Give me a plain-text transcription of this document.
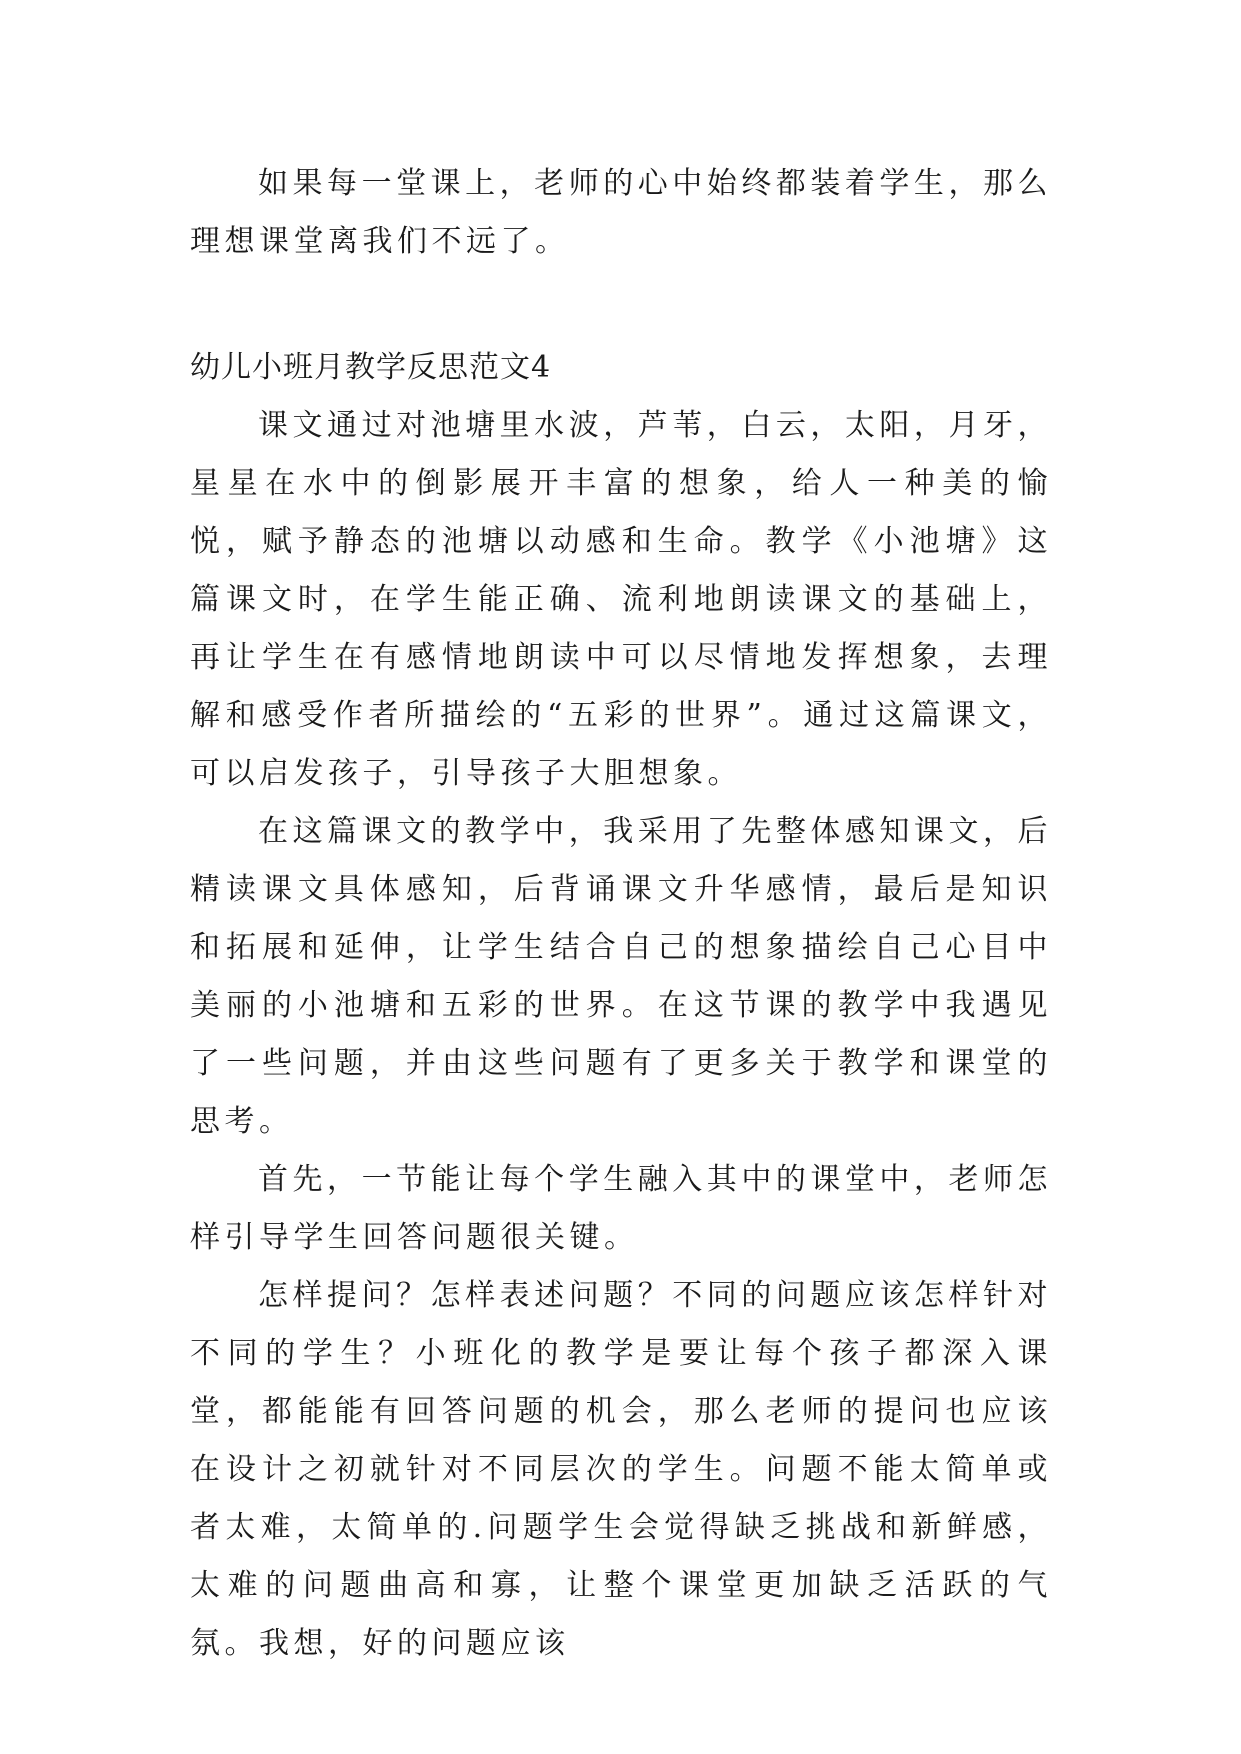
如果每一堂课上，老师的心中始终都装着学生，那么理想课堂离我们不远了。

幼儿小班月教学反思范文4

课文通过对池塘里水波，芦苇，白云，太阳，月牙，星星在水中的倒影展开丰富的想象，给人一种美的愉悦，赋予静态的池塘以动感和生命。教学《小池塘》这篇课文时，在学生能正确、流利地朗读课文的基础上，再让学生在有感情地朗读中可以尽情地发挥想象，去理解和感受作者所描绘的“五彩的世界”。通过这篇课文，可以启发孩子，引导孩子大胆想象。

在这篇课文的教学中，我采用了先整体感知课文，后精读课文具体感知，后背诵课文升华感情，最后是知识和拓展和延伸，让学生结合自己的想象描绘自己心目中美丽的小池塘和五彩的世界。在这节课的教学中我遇见了一些问题，并由这些问题有了更多关于教学和课堂的思考。

首先，一节能让每个学生融入其中的课堂中，老师怎样引导学生回答问题很关键。

怎样提问？怎样表述问题？不同的问题应该怎样针对不同的学生？小班化的教学是要让每个孩子都深入课堂，都能能有回答问题的机会，那么老师的提问也应该在设计之初就针对不同层次的学生。问题不能太简单或者太难，太简单的.问题学生会觉得缺乏挑战和新鲜感，太难的问题曲高和寡，让整个课堂更加缺乏活跃的气氛。我想，好的问题应该
